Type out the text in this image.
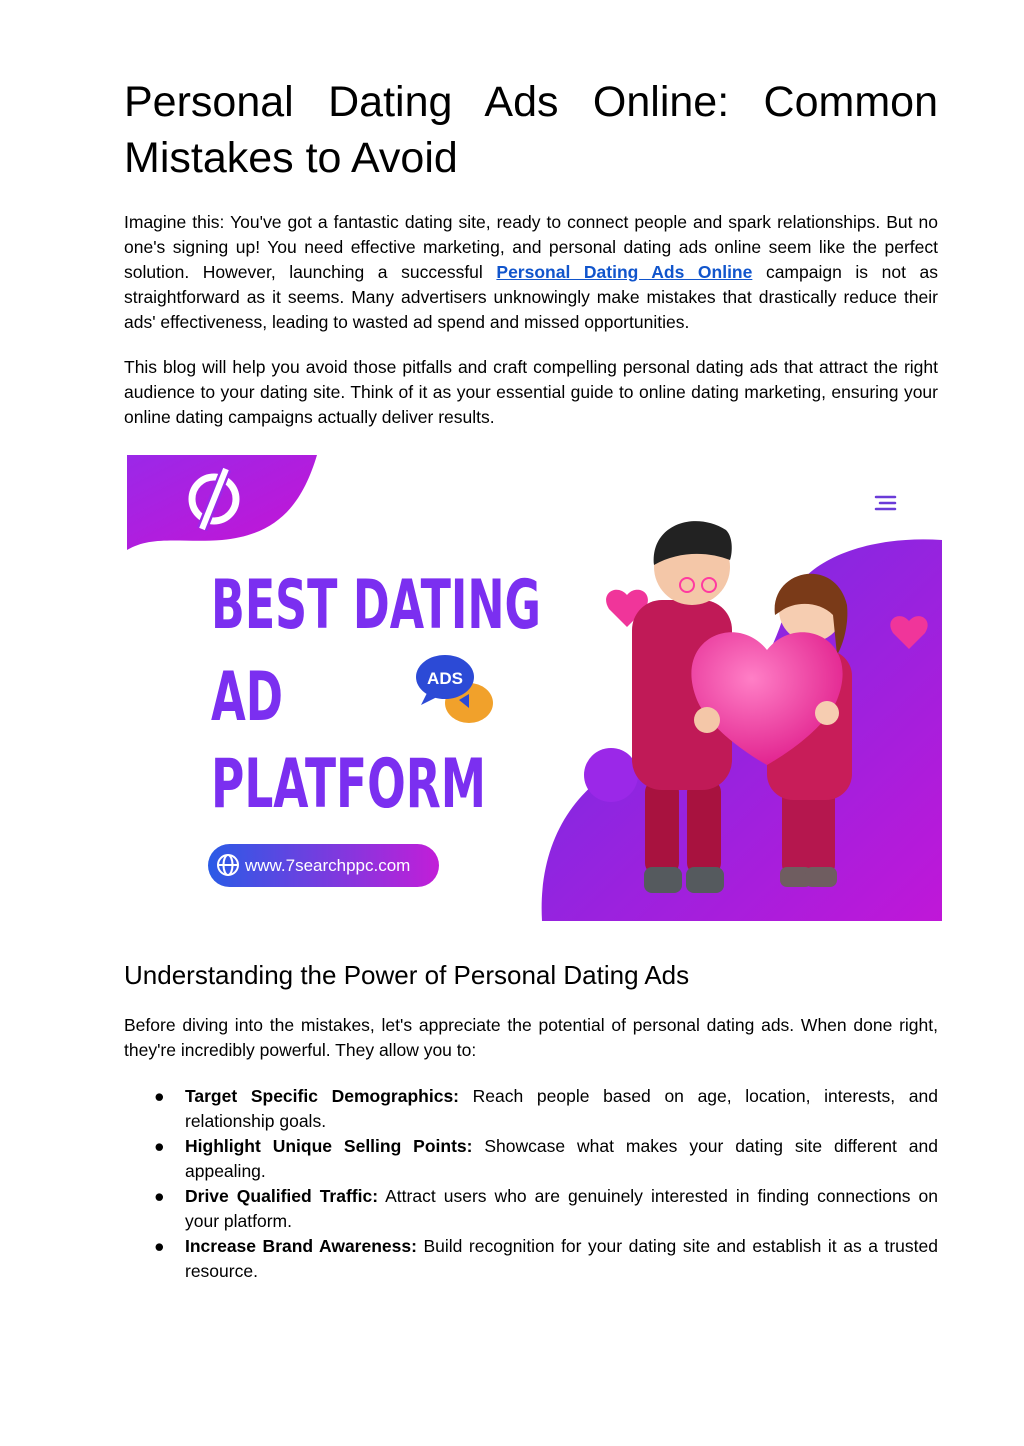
Personal Dating Ads Online: Common Mistakes to Avoid

Imagine this: You've got a fantastic dating site, ready to connect people and spark relationships. But no one's signing up! You need effective marketing, and personal dating ads online seem like the perfect solution. However, launching a successful Personal Dating Ads Online campaign is not as straightforward as it seems. Many advertisers unknowingly make mistakes that drastically reduce their ads' effectiveness, leading to wasted ad spend and missed opportunities.

This blog will help you avoid those pitfalls and craft compelling personal dating ads that attract the right audience to your dating site. Think of it as your essential guide to online dating marketing, ensuring your online dating campaigns actually deliver results.

Understanding the Power of Personal Dating Ads

Before diving into the mistakes, let's appreciate the potential of personal dating ads. When done right, they're incredibly powerful. They allow you to:

● Target Specific Demographics: Reach people based on age, location, interests, and relationship goals.
● Highlight Unique Selling Points: Showcase what makes your dating site different and appealing.
● Drive Qualified Traffic: Attract users who are genuinely interested in finding connections on your platform.
● Increase Brand Awareness: Build recognition for your dating site and establish it as a trusted resource.
BEST DATING
AD
PLATFORM
ADS
www.7searchppc.com
